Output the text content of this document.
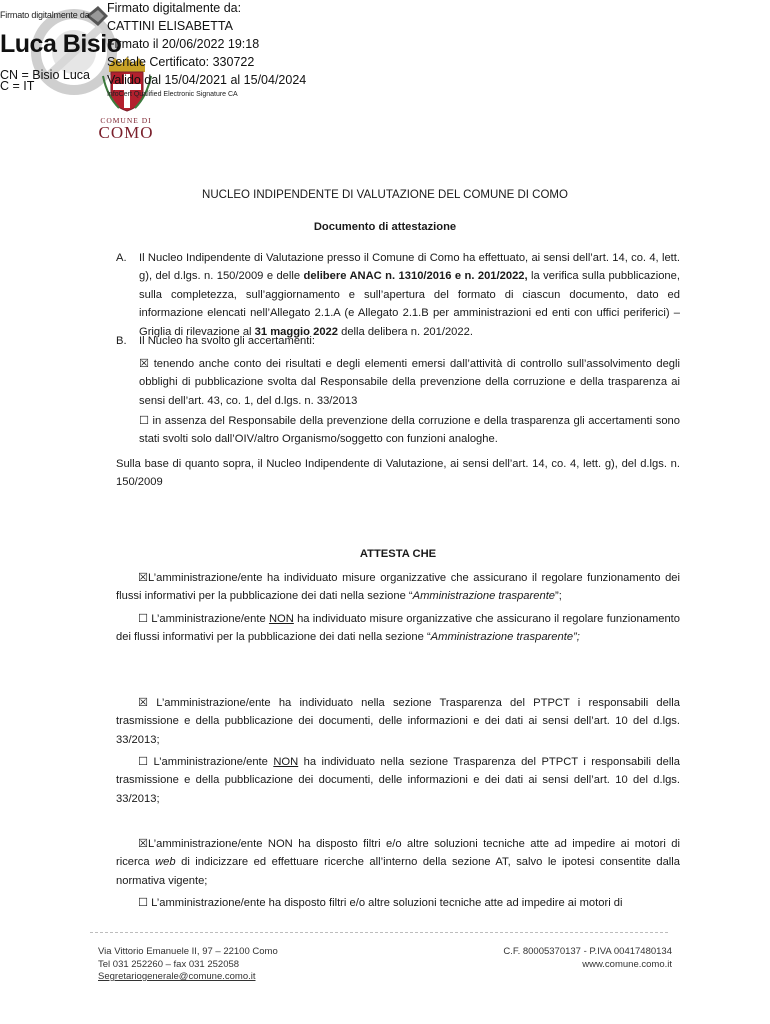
Firmato digitalmente da
Luca Bisio
CN = Bisio Luca
C = IT
Firmato digitalmente da:
CATTINI ELISABETTA
Firmato il 20/06/2022 19:18
Seriale Certificato: 330722
Valido dal 15/04/2021 al 15/04/2024
InfoCert Qualified Electronic Signature CA
COMUNE DI
COMO
NUCLEO INDIPENDENTE DI VALUTAZIONE DEL COMUNE DI COMO
Documento di attestazione
A. Il Nucleo Indipendente di Valutazione presso il Comune di Como ha effettuato, ai sensi dell’art. 14, co. 4, lett. g), del d.lgs. n. 150/2009 e delle delibere ANAC n. 1310/2016 e n. 201/2022, la verifica sulla pubblicazione, sulla completezza, sull’aggiornamento e sull’apertura del formato di ciascun documento, dato ed informazione elencati nell’Allegato 2.1.A (e Allegato 2.1.B per amministrazioni ed enti con uffici periferici) – Griglia di rilevazione al 31 maggio 2022 della delibera n. 201/2022.
B. Il Nucleo ha svolto gli accertamenti:
☒ tenendo anche conto dei risultati e degli elementi emersi dall’attività di controllo sull’assolvimento degli obblighi di pubblicazione svolta dal Responsabile della prevenzione della corruzione e della trasparenza ai sensi dell’art. 43, co. 1, del d.lgs. n. 33/2013
☐ in assenza del Responsabile della prevenzione della corruzione e della trasparenza gli accertamenti sono stati svolti solo dall’OIV/altro Organismo/soggetto con funzioni analoghe.
Sulla base di quanto sopra, il Nucleo Indipendente di Valutazione, ai sensi dell’art. 14, co. 4, lett. g), del d.lgs. n. 150/2009
ATTESTA CHE
☒L’amministrazione/ente ha individuato misure organizzative che assicurano il regolare funzionamento dei flussi informativi per la pubblicazione dei dati nella sezione “Amministrazione trasparente”;
☐ L’amministrazione/ente NON ha individuato misure organizzative che assicurano il regolare funzionamento dei flussi informativi per la pubblicazione dei dati nella sezione “Amministrazione trasparente”;
☒ L’amministrazione/ente ha individuato nella sezione Trasparenza del PTPCT i responsabili della trasmissione e della pubblicazione dei documenti, delle informazioni e dei dati ai sensi dell’art. 10 del d.lgs. 33/2013;
☐ L’amministrazione/ente NON ha individuato nella sezione Trasparenza del PTPCT i responsabili della trasmissione e della pubblicazione dei documenti, delle informazioni e dei dati ai sensi dell’art. 10 del d.lgs. 33/2013;
☒L’amministrazione/ente NON ha disposto filtri e/o altre soluzioni tecniche atte ad impedire ai motori di ricerca web di indicizzare ed effettuare ricerche all’interno della sezione AT, salvo le ipotesi consentite dalla normativa vigente;
☐ L’amministrazione/ente ha disposto filtri e/o altre soluzioni tecniche atte ad impedire ai motori di
Via Vittorio Emanuele II, 97 – 22100 Como
Tel 031 252260 – fax 031 252058
Segretariogenerale@comune.como.it
C.F. 80005370137 - P.IVA 00417480134
www.comune.como.it
